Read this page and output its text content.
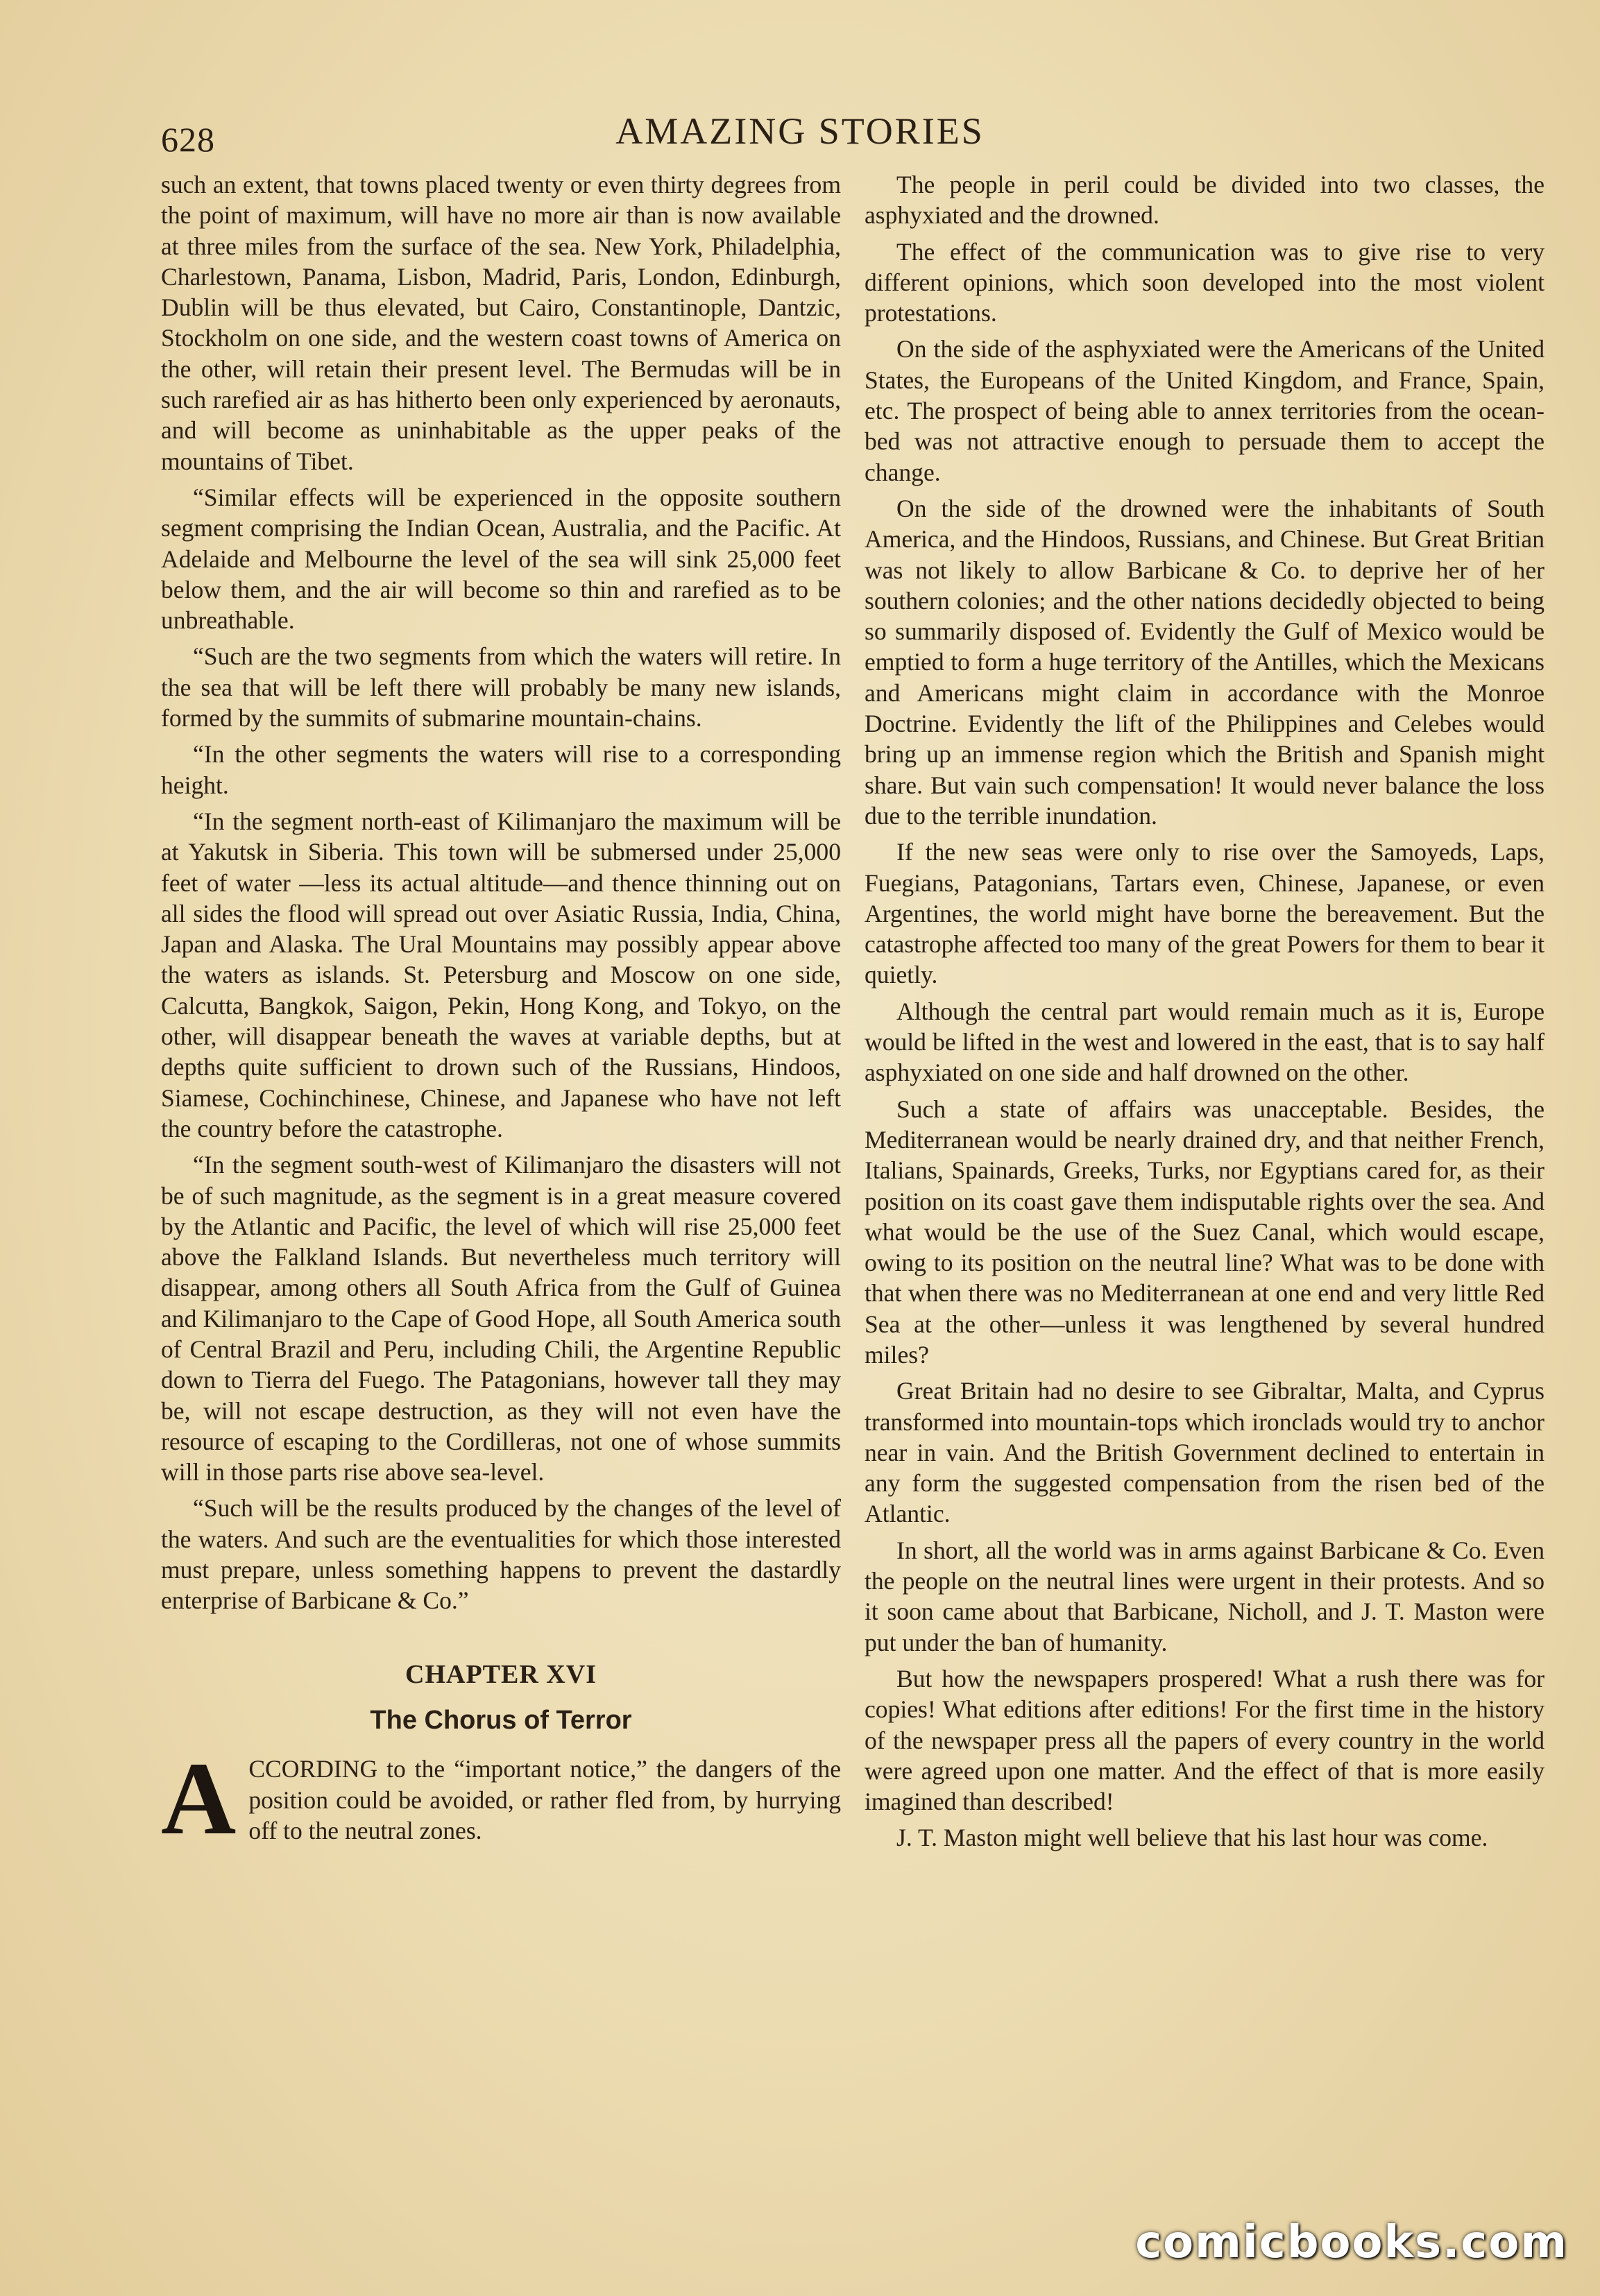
628	AMAZING STORIES

such an extent, that towns placed twenty or even thirty degrees from the point of maximum, will have no more air than is now available at three miles from the surface of the sea. New York, Philadelphia, Charlestown, Panama, Lisbon, Madrid, Paris, London, Edinburgh, Dublin will be thus elevated, but Cairo, Constantinople, Dantzic, Stockholm on one side, and the western coast towns of America on the other, will retain their present level. The Bermudas will be in such rarefied air as has hitherto been only experienced by aeronauts, and will become as uninhabitable as the upper peaks of the mountains of Tibet.

“Similar effects will be experienced in the opposite southern segment comprising the Indian Ocean, Australia, and the Pacific. At Adelaide and Melbourne the level of the sea will sink 25,000 feet below them, and the air will become so thin and rarefied as to be unbreathable.

“Such are the two segments from which the waters will retire. In the sea that will be left there will probably be many new islands, formed by the summits of submarine mountain-chains.

“In the other segments the waters will rise to a corresponding height.

“In the segment north-east of Kilimanjaro the maximum will be at Yakutsk in Siberia. This town will be submersed under 25,000 feet of water —less its actual altitude—and thence thinning out on all sides the flood will spread out over Asiatic Russia, India, China, Japan and Alaska. The Ural Mountains may possibly appear above the waters as islands. St. Petersburg and Moscow on one side, Calcutta, Bangkok, Saigon, Pekin, Hong Kong, and Tokyo, on the other, will disappear beneath the waves at variable depths, but at depths quite sufficient to drown such of the Russians, Hindoos, Siamese, Cochinchinese, Chinese, and Japanese who have not left the country before the catastrophe.

“In the segment south-west of Kilimanjaro the disasters will not be of such magnitude, as the segment is in a great measure covered by the Atlantic and Pacific, the level of which will rise 25,000 feet above the Falkland Islands. But nevertheless much territory will disappear, among others all South Africa from the Gulf of Guinea and Kilimanjaro to the Cape of Good Hope, all South America south of Central Brazil and Peru, including Chili, the Argentine Republic down to Tierra del Fuego. The Patagonians, however tall they may be, will not escape destruction, as they will not even have the resource of escaping to the Cordilleras, not one of whose summits will in those parts rise above sea-level.

“Such will be the results produced by the changes of the level of the waters. And such are the eventualities for which those interested must prepare, unless something happens to prevent the dastardly enterprise of Barbicane & Co.”

CHAPTER XVI
The Chorus of Terror

ACCORDING to the “important notice,” the dangers of the position could be avoided, or rather fled from, by hurrying off to the neutral zones.

The people in peril could be divided into two classes, the asphyxiated and the drowned.

The effect of the communication was to give rise to very different opinions, which soon developed into the most violent protestations.

On the side of the asphyxiated were the Americans of the United States, the Europeans of the United Kingdom, and France, Spain, etc. The prospect of being able to annex territories from the ocean-bed was not attractive enough to persuade them to accept the change.

On the side of the drowned were the inhabitants of South America, and the Hindoos, Russians, and Chinese. But Great Britian was not likely to allow Barbicane & Co. to deprive her of her southern colonies; and the other nations decidedly objected to being so summarily disposed of. Evidently the Gulf of Mexico would be emptied to form a huge territory of the Antilles, which the Mexicans and Americans might claim in accordance with the Monroe Doctrine. Evidently the lift of the Philippines and Celebes would bring up an immense region which the British and Spanish might share. But vain such compensation! It would never balance the loss due to the terrible inundation.

If the new seas were only to rise over the Samoyeds, Laps, Fuegians, Patagonians, Tartars even, Chinese, Japanese, or even Argentines, the world might have borne the bereavement. But the catastrophe affected too many of the great Powers for them to bear it quietly.

Although the central part would remain much as it is, Europe would be lifted in the west and lowered in the east, that is to say half asphyxiated on one side and half drowned on the other.

Such a state of affairs was unacceptable. Besides, the Mediterranean would be nearly drained dry, and that neither French, Italians, Spainards, Greeks, Turks, nor Egyptians cared for, as their position on its coast gave them indisputable rights over the sea. And what would be the use of the Suez Canal, which would escape, owing to its position on the neutral line? What was to be done with that when there was no Mediterranean at one end and very little Red Sea at the other—unless it was lengthened by several hundred miles?

Great Britain had no desire to see Gibraltar, Malta, and Cyprus transformed into mountain-tops which ironclads would try to anchor near in vain. And the British Government declined to entertain in any form the suggested compensation from the risen bed of the Atlantic.

In short, all the world was in arms against Barbicane & Co. Even the people on the neutral lines were urgent in their protests. And so it soon came about that Barbicane, Nicholl, and J. T. Maston were put under the ban of humanity.

But how the newspapers prospered! What a rush there was for copies! What editions after editions! For the first time in the history of the newspaper press all the papers of every country in the world were agreed upon one matter. And the effect of that is more easily imagined than described!

J. T. Maston might well believe that his last hour was come.

comicbooks.com
